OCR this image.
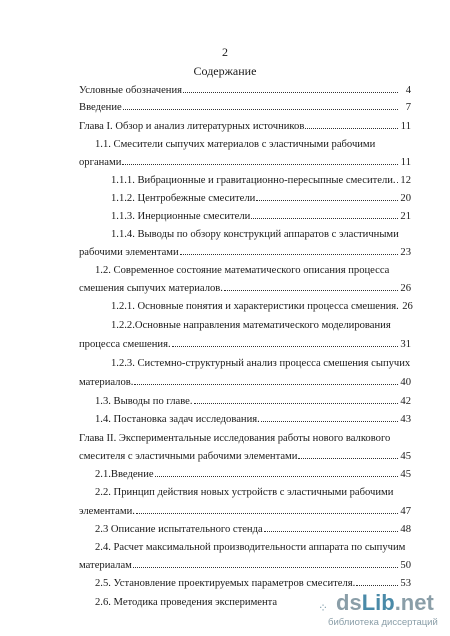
2
Содержание
Условные обозначения	4
Введение	7
Глава I. Обзор и анализ литературных источников	11
1.1. Смесители сыпучих материалов с эластичными рабочими
органами	11
1.1.1. Вибрационные и гравитационно-пересыпные смесители. 12
1.1.2. Центробежные смесители	20
1.1.3. Инерционные смесители	21
1.1.4. Выводы по обзору конструкций аппаратов с эластичными
рабочими элементами	23
1.2. Современное состояние математического описания процесса
смешения сыпучих материалов.	26
1.2.1. Основные понятия и характеристики процесса смешения. 26
1.2.2.Основные направления математического моделирования
процесса смешения.	31
1.2.3. Системно-структурный анализ процесса смешения сыпучих
материалов.	40
1.3. Выводы по главе.	42
1.4. Постановка задач исследования.	43
Глава II. Экспериментальные исследования работы нового валкового
смесителя с эластичными рабочими элементами	45
2.1.Введение	45
2.2. Принцип действия новых устройств с эластичными рабочими
элементами.	47
2.3 Описание испытательного стенда	48
2.4. Расчет максимальной производительности аппарата по сыпучим
материалам	50
2.5. Установление проектируемых параметров смесителя.	53
2.6. Методика проведения эксперимента	⁘ ds Lib .net
библиотека диссертаций
